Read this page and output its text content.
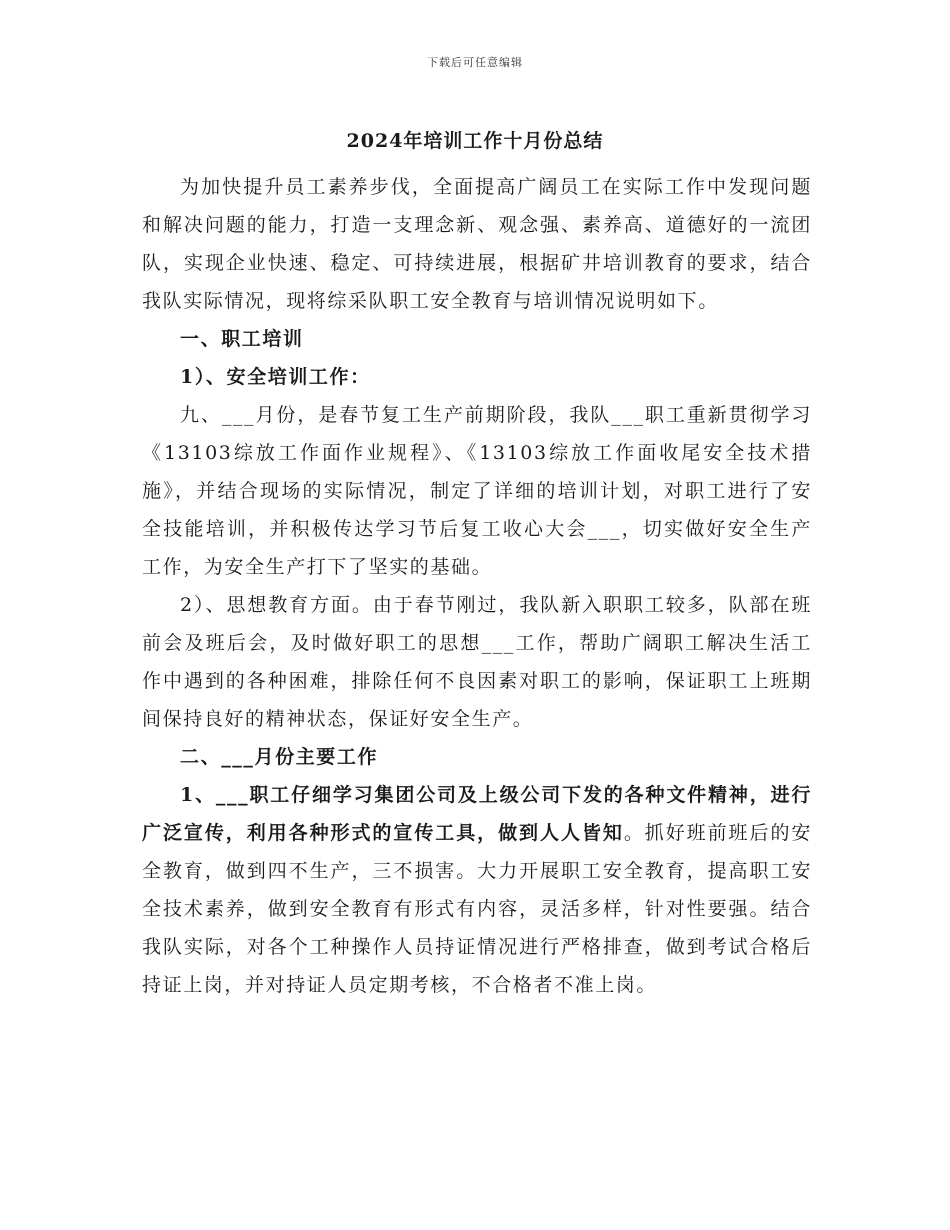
下载后可任意编辑
2024年培训工作十月份总结

为加快提升员工素养步伐，全面提高广阔员工在实际工作中发现问题和解决问题的能力，打造一支理念新、观念强、素养高、道德好的一流团队，实现企业快速、稳定、可持续进展，根据矿井培训教育的要求，结合我队实际情况，现将综采队职工安全教育与培训情况说明如下。

一、职工培训

1）、安全培训工作：

九、___月份，是春节复工生产前期阶段，我队___职工重新贯彻学习《13103综放工作面作业规程》、《13103综放工作面收尾安全技术措施》，并结合现场的实际情况，制定了详细的培训计划，对职工进行了安全技能培训，并积极传达学习节后复工收心大会___，切实做好安全生产工作，为安全生产打下了坚实的基础。

2）、思想教育方面。由于春节刚过，我队新入职职工较多，队部在班前会及班后会，及时做好职工的思想___工作，帮助广阔职工解决生活工作中遇到的各种困难，排除任何不良因素对职工的影响，保证职工上班期间保持良好的精神状态，保证好安全生产。

二、___月份主要工作

1、___职工仔细学习集团公司及上级公司下发的各种文件精神，进行广泛宣传，利用各种形式的宣传工具，做到人人皆知。抓好班前班后的安全教育，做到四不生产，三不损害。大力开展职工安全教育，提高职工安全技术素养，做到安全教育有形式有内容，灵活多样，针对性要强。结合我队实际，对各个工种操作人员持证情况进行严格排查，做到考试合格后持证上岗，并对持证人员定期考核，不合格者不准上岗。
